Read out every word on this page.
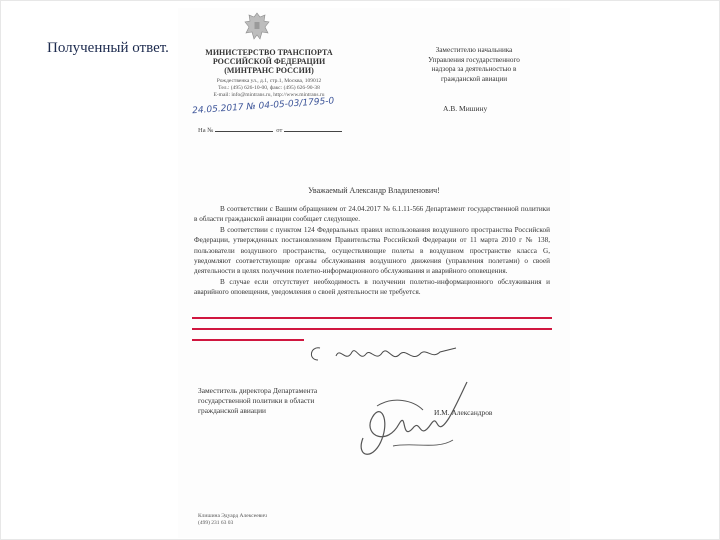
Полученный ответ.	МИНИСТЕРСТВО ТРАНСПОРТА
РОССИЙСКОЙ ФЕДЕРАЦИИ
(МИНТРАНС РОССИИ)
Рождественка ул., д.1, стр.1, Москва, 109012
Тел.: (495) 626-10-00, факс: (495) 626-90-38
E-mail: info@mintrans.ru, http://www.mintrans.ru
24.05.2017 № 04-05-03/1795-0
На №	от
Заместителю начальника
Управления государственного
надзора за деятельностью в
гражданской авиации
А.В. Мишину
Уважаемый Александр Владиленович!

В соответствии с Вашим обращением от 24.04.2017 № 6.1.11-566 Департамент государственной политики в области гражданской авиации сообщает следующее.

В соответствии с пунктом 124 Федеральных правил использования воздушного пространства Российской Федерации, утвержденных постановлением Правительства Российской Федерации от 11 марта 2010 г № 138, пользователи воздушного пространства, осуществляющие полеты в воздушном пространстве класса G, уведомляют соответствующие органы обслуживания воздушного движения (управления полетами) о своей деятельности в целях получения полетно-информационного обслуживания и аварийного оповещения.

В случае если отсутствует необходимость в получении полетно-информационного обслуживания и аварийного оповещения, уведомления о своей деятельности не требуется.

Заместитель директора Департамента
государственной политики в области
гражданской авиации	И.М. Александров
Клишина Эдуард Алексеевич
(499) 231 63 03
